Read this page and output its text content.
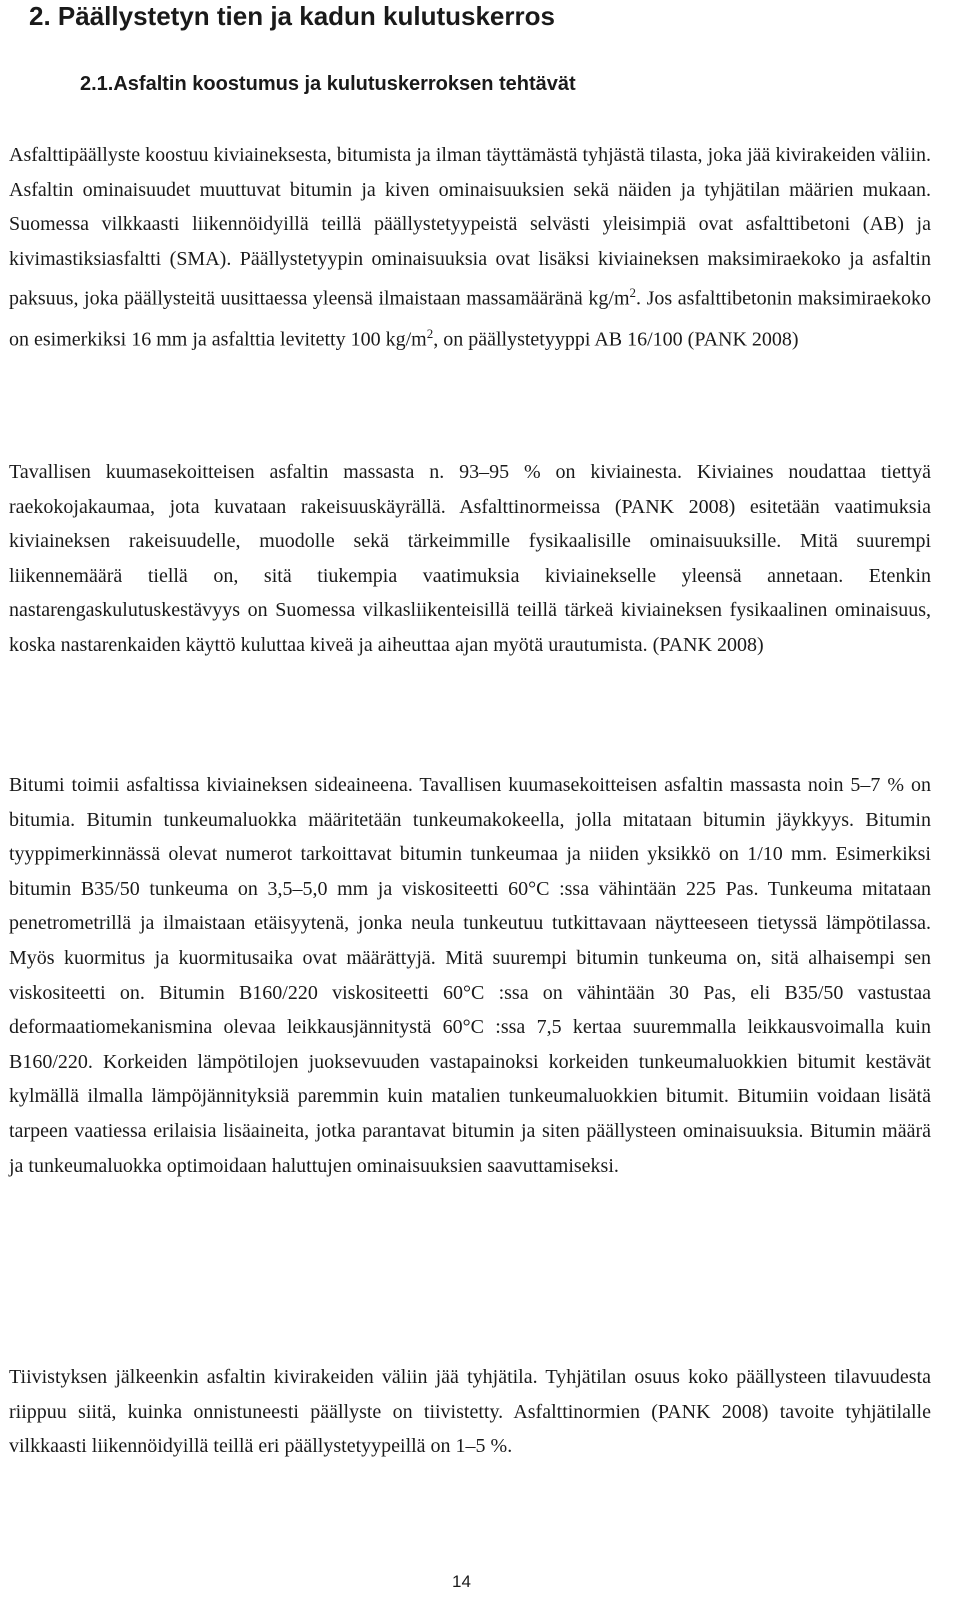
2. Päällystetyn tien ja kadun kulutuskerros
2.1.Asfaltin koostumus ja kulutuskerroksen tehtävät

Asfalttipäällyste koostuu kiviaineksesta, bitumista ja ilman täyttämästä tyhjästä tilasta, joka jää kivirakeiden väliin. Asfaltin ominaisuudet muuttuvat bitumin ja kiven ominaisuuksien sekä näiden ja tyhjätilan määrien mukaan. Suomessa vilkkaasti liikennöidyillä teillä päällystetyypeistä selvästi yleisimpiä ovat asfalttibetoni (AB) ja kivimastiksiasfaltti (SMA). Päällystetyypin ominaisuuksia ovat lisäksi kiviaineksen maksimiraekoko ja asfaltin paksuus, joka päällysteitä uusittaessa yleensä ilmaistaan massamääränä $kg/m^2$. Jos asfalttibetonin maksimiraekoko on esimerkiksi 16 mm ja asfalttia levitetty 100 $kg/m^2$, on päällystetyyppi AB 16/100 (PANK 2008)

Tavallisen kuumasekoitteisen asfaltin massasta n. 93–95 % on kiviainesta. Kiviaines noudattaa tiettyä raekokojakaumaa, jota kuvataan rakeisuuskäyrällä. Asfalttinormeissa (PANK 2008) esitetään vaatimuksia kiviaineksen rakeisuudelle, muodolle sekä tärkeimmille fysikaalisille ominaisuuksille. Mitä suurempi liikennemäärä tiellä on, sitä tiukempia vaatimuksia kiviainekselle yleensä annetaan. Etenkin nastarengaskulutuskestävyys on Suomessa vilkasliikenteisillä teillä tärkeä kiviaineksen fysikaalinen ominaisuus, koska nastarenkaiden käyttö kuluttaa kiveä ja aiheuttaa ajan myötä urautumista. (PANK 2008)

Bitumi toimii asfaltissa kiviaineksen sideaineena. Tavallisen kuumasekoitteisen asfaltin massasta noin 5–7 % on bitumia. Bitumin tunkeumaluokka määritetään tunkeumakokeella, jolla mitataan bitumin jäykkyys. Bitumin tyyppimerkinnässä olevat numerot tarkoittavat bitumin tunkeumaa ja niiden yksikkö on 1/10 mm. Esimerkiksi bitumin B35/50 tunkeuma on 3,5–5,0 mm ja viskositeetti 60°C :ssa vähintään 225 Pas. Tunkeuma mitataan penetrometrillä ja ilmaistaan etäisyytenä, jonka neula tunkeutuu tutkittavaan näytteeseen tietyssä lämpötilassa. Myös kuormitus ja kuormitusaika ovat määrättyjä. Mitä suurempi bitumin tunkeuma on, sitä alhaisempi sen viskositeetti on. Bitumin B160/220 viskositeetti 60°C :ssa on vähintään 30 Pas, eli B35/50 vastustaa deformaatiomekanismina olevaa leikkausjännitystä 60°C :ssa 7,5 kertaa suuremmalla leikkausvoimalla kuin B160/220. Korkeiden lämpötilojen juoksevuuden vastapainoksi korkeiden tunkeumaluokkien bitumit kestävät kylmällä ilmalla lämpöjännityksiä paremmin kuin matalien tunkeumaluokkien bitumit. Bitumiin voidaan lisätä tarpeen vaatiessa erilaisia lisäaineita, jotka parantavat bitumin ja siten päällysteen ominaisuuksia. Bitumin määrä ja tunkeumaluokka optimoidaan haluttujen ominaisuuksien saavuttamiseksi.

Tiivistyksen jälkeenkin asfaltin kivirakeiden väliin jää tyhjätila. Tyhjätilan osuus koko päällysteen tilavuudesta riippuu siitä, kuinka onnistuneesti päällyste on tiivistetty. Asfalttinormien (PANK 2008) tavoite tyhjätilalle vilkkaasti liikennöidyillä teillä eri päällystetyypeillä on 1–5 %.

14
